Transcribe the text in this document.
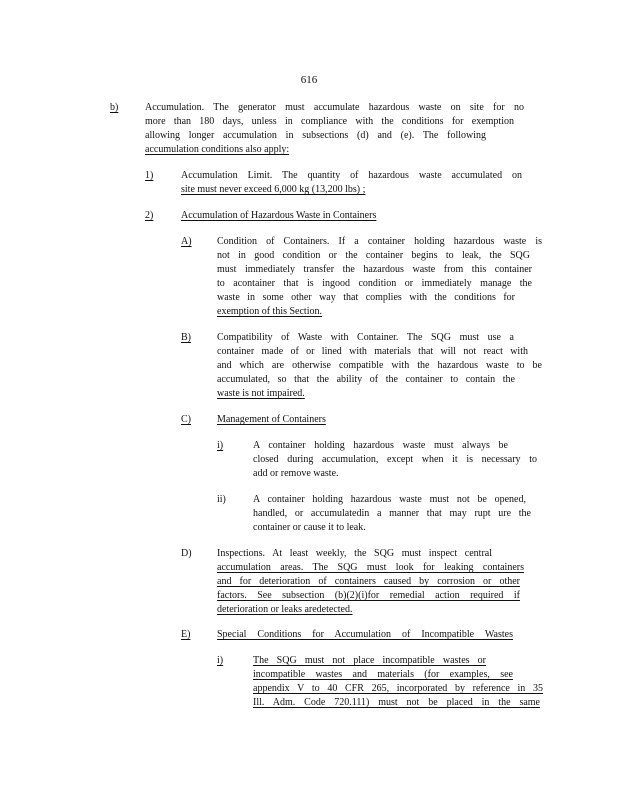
616
b)	Accumulation. The generator must accumulate hazardous waste on site for no
more than 180 days, unless in compliance with the conditions for exemption
allowing longer accumulation in subsections (d) and (e). The following
accumulation conditions also apply:
1)	Accumulation Limit. The quantity of hazardous waste accumulated on
site must never exceed 6,000 kg (13,200 lbs) ;
2)	Accumulation of Hazardous Waste in Containers
A)	Condition of Containers. If a container holding hazardous waste is
not in good condition or the container begins to leak, the SQG
must immediately transfer the hazardous waste from this container
to acontainer that is ingood condition or immediately manage the
waste in some other way that complies with the conditions for
exemption of this Section.
B)	Compatibility of Waste with Container. The SQG must use a
container made of or lined with materials that will not react with
and which are otherwise compatible with the hazardous waste to be
accumulated, so that the ability of the container to contain the
waste is not impaired.
C)	Management of Containers
i)	A container holding hazardous waste must always be
closed during accumulation, except when it is necessary to
add or remove waste.
ii)	A container holding hazardous waste must not be opened,
handled, or accumulatedin a manner that may rupt ure the
container or cause it to leak.
D)	Inspections. At least weekly, the SQG must inspect central
accumulation areas. The SQG must look for leaking containers
and for deterioration of containers caused by corrosion or other
factors. See subsection (b)(2)(i)for remedial action required if
deterioration or leaks aredetected.
E)	Special Conditions for Accumulation of Incompatible Wastes
i)	The SQG must not place incompatible wastes or
incompatible wastes and materials (for examples, see
appendix V to 40 CFR 265, incorporated by reference in 35
Ill. Adm. Code 720.111) must not be placed in the same
